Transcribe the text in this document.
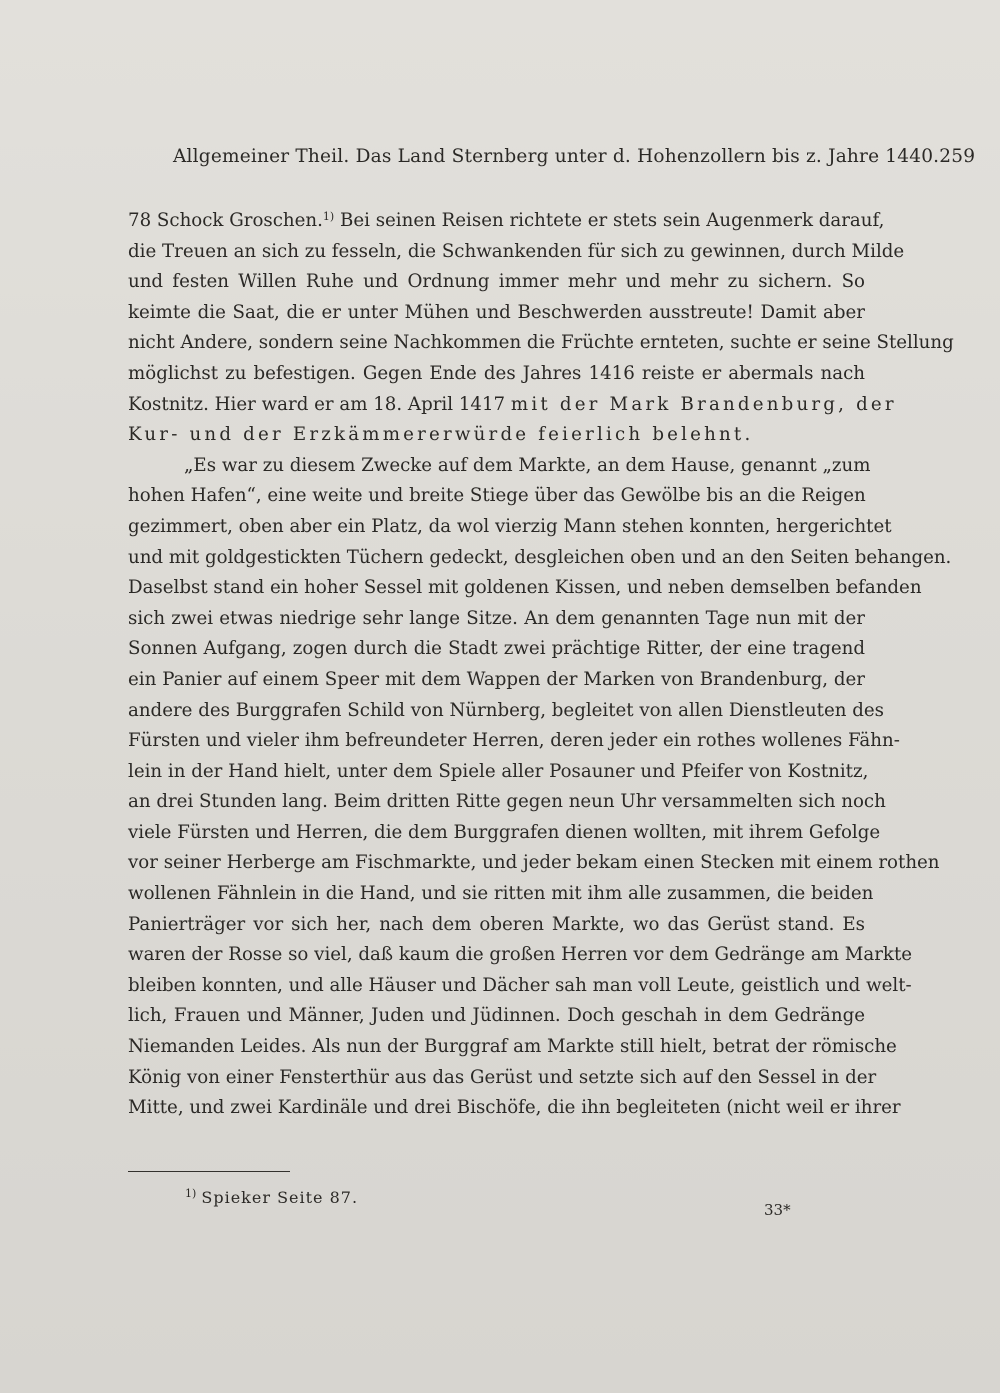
Allgemeiner Theil. Das Land Sternberg unter d. Hohenzollern bis z. Jahre 1440. 259
78 Schock Groschen.$^{1)}$ Bei seinen Reisen richtete er stets sein Augenmerk darauf,
die Treuen an sich zu fesseln, die Schwankenden für sich zu gewinnen, durch Milde
und festen Willen Ruhe und Ordnung immer mehr und mehr zu sichern. So
keimte die Saat, die er unter Mühen und Beschwerden ausstreute! Damit aber
nicht Andere, sondern seine Nachkommen die Früchte ernteten, suchte er seine Stellung
möglichst zu befestigen. Gegen Ende des Jahres 1416 reiste er abermals nach
Kostnitz. Hier ward er am 18. April 1417 mit der Mark Brandenburg, der
Kur- und der Erzkämmererwürde feierlich belehnt.
„Es war zu diesem Zwecke auf dem Markte, an dem Hause, genannt „zum
hohen Hafen“, eine weite und breite Stiege über das Gewölbe bis an die Reigen
gezimmert, oben aber ein Platz, da wol vierzig Mann stehen konnten, hergerichtet
und mit goldgestickten Tüchern gedeckt, desgleichen oben und an den Seiten behangen.
Daselbst stand ein hoher Sessel mit goldenen Kissen, und neben demselben befanden
sich zwei etwas niedrige sehr lange Sitze. An dem genannten Tage nun mit der
Sonnen Aufgang, zogen durch die Stadt zwei prächtige Ritter, der eine tragend
ein Panier auf einem Speer mit dem Wappen der Marken von Brandenburg, der
andere des Burggrafen Schild von Nürnberg, begleitet von allen Dienstleuten des
Fürsten und vieler ihm befreundeter Herren, deren jeder ein rothes wollenes Fähn-
lein in der Hand hielt, unter dem Spiele aller Posauner und Pfeifer von Kostnitz,
an drei Stunden lang. Beim dritten Ritte gegen neun Uhr versammelten sich noch
viele Fürsten und Herren, die dem Burggrafen dienen wollten, mit ihrem Gefolge
vor seiner Herberge am Fischmarkte, und jeder bekam einen Stecken mit einem rothen
wollenen Fähnlein in die Hand, und sie ritten mit ihm alle zusammen, die beiden
Panierträger vor sich her, nach dem oberen Markte, wo das Gerüst stand. Es
waren der Rosse so viel, daß kaum die großen Herren vor dem Gedränge am Markte
bleiben konnten, und alle Häuser und Dächer sah man voll Leute, geistlich und welt-
lich, Frauen und Männer, Juden und Jüdinnen. Doch geschah in dem Gedränge
Niemanden Leides. Als nun der Burggraf am Markte still hielt, betrat der römische
König von einer Fensterthür aus das Gerüst und setzte sich auf den Sessel in der
Mitte, und zwei Kardinäle und drei Bischöfe, die ihn begleiteten (nicht weil er ihrer
$^{1)}$ Spieker Seite 87.
33*
